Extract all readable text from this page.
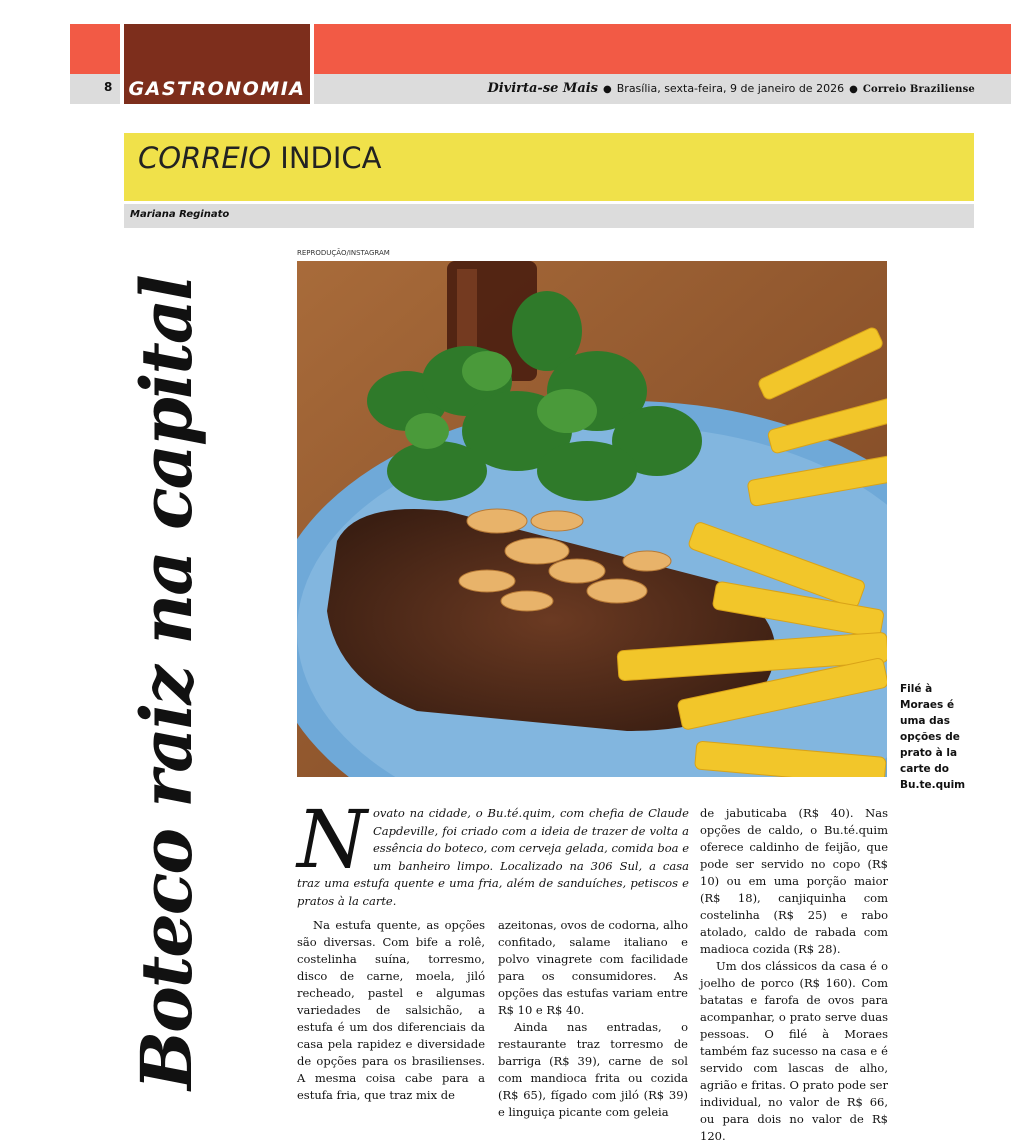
GASTRONOMIA
8	Divirta-se Mais ● Brasília, sexta-feira, 9 de janeiro de 2026 ● Correio Braziliense
CORREIO INDICA
Mariana Reginato
Boteco raiz na capital
REPRODUÇÃO/INSTAGRAM
Filé à Moraes é uma das opções de prato à la carte do Bu.te.quim
N ovato na cidade, o Bu.té.quim, com chefia de Claude Capdeville, foi criado com a ideia de trazer de volta a essência do boteco, com cerveja gelada, comida boa e um banheiro limpo. Localizado na 306 Sul, a casa traz uma estufa quente e uma fria, além de sanduíches, petiscos e pratos à la carte.

Na estufa quente, as opções são diversas. Com bife a rolê, costelinha suína, torresmo, disco de carne, moela, jiló recheado, pastel e algumas variedades de salsichão, a estufa é um dos diferenciais da casa pela rapidez e diversidade de opções para os brasilienses. A mesma coisa cabe para a estufa fria, que traz mix de

azeitonas, ovos de codorna, alho confitado, salame italiano e polvo vinagrete com facilidade para os consumidores. As opções das estufas variam entre R$ 10 e R$ 40.

Ainda nas entradas, o restaurante traz torresmo de barriga (R$ 39), carne de sol com mandioca frita ou cozida (R$ 65), fígado com jiló (R$ 39) e linguiça picante com geleia

de jabuticaba (R$ 40). Nas opções de caldo, o Bu.té.quim oferece caldinho de feijão, que pode ser servido no copo (R$ 10) ou em uma porção maior (R$ 18), canjiquinha com costelinha (R$ 25) e rabo atolado, caldo de rabada com madioca cozida (R$ 28).

Um dos clássicos da casa é o joelho de porco (R$ 160). Com batatas e farofa de ovos para acompanhar, o prato serve duas pessoas. O filé à Moraes também faz sucesso na casa e é servido com lascas de alho, agrião e fritas. O prato pode ser individual, no valor de R$ 66, ou para dois no valor de R$ 120.
